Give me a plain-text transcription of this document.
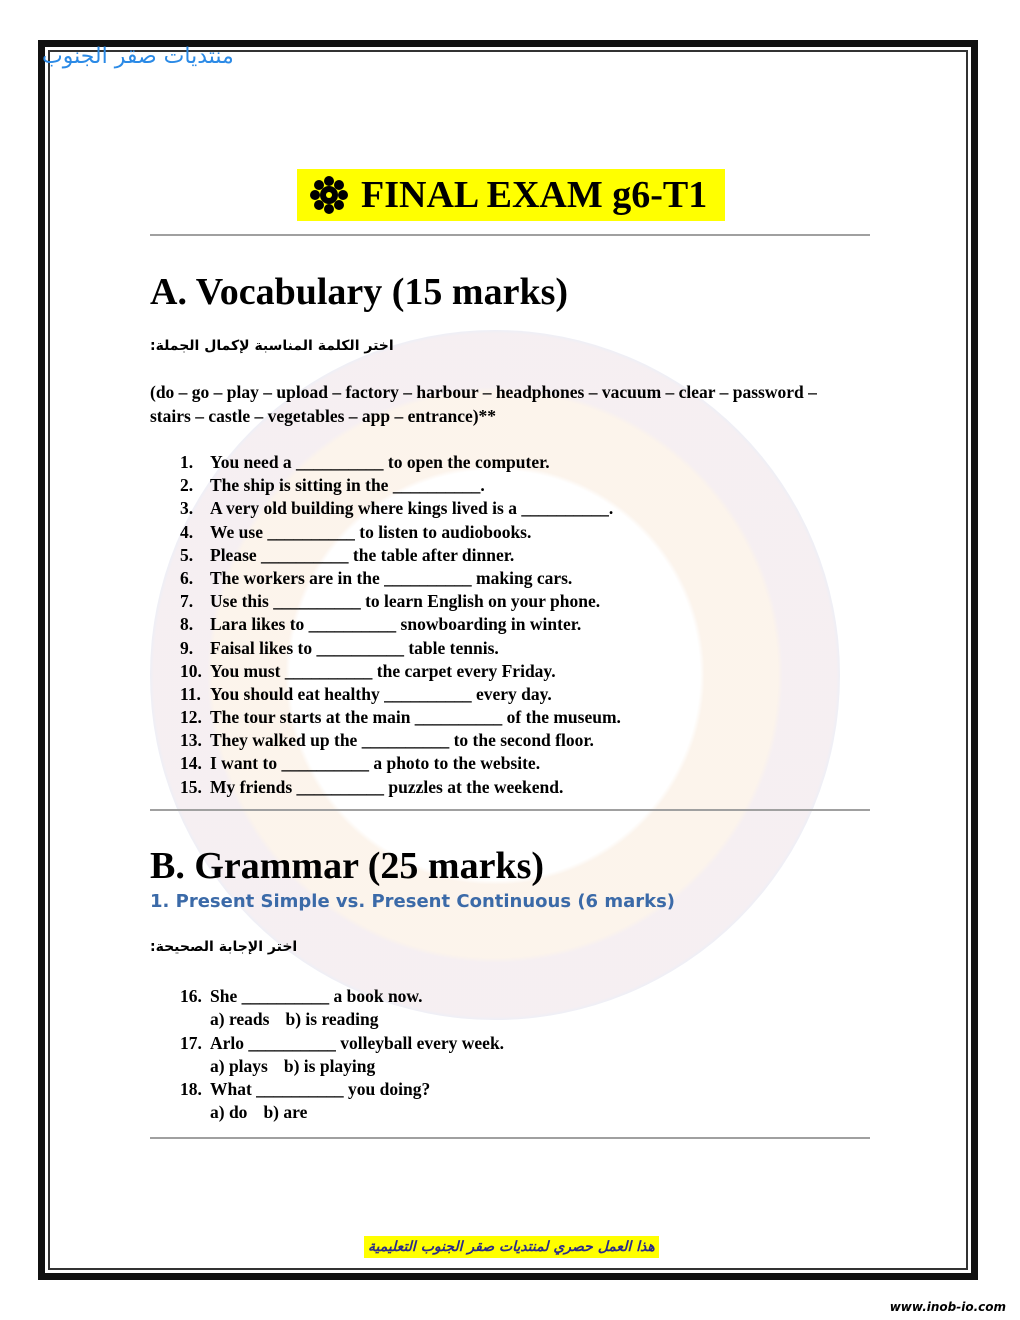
منتديات صقر الجنوب
FINAL EXAM g6-T1
A. Vocabulary (15 marks)
اختر الكلمة المناسبة لإكمال الجملة:
(do – go – play – upload – factory – harbour – headphones – vacuum – clear – password – stairs – castle – vegetables – app – entrance)**
1. You need a __________ to open the computer.
2. The ship is sitting in the __________.
3. A very old building where kings lived is a __________.
4. We use __________ to listen to audiobooks.
5. Please __________ the table after dinner.
6. The workers are in the __________ making cars.
7. Use this __________ to learn English on your phone.
8. Lara likes to __________ snowboarding in winter.
9. Faisal likes to __________ table tennis.
10. You must __________ the carpet every Friday.
11. You should eat healthy __________ every day.
12. The tour starts at the main __________ of the museum.
13. They walked up the __________ to the second floor.
14. I want to __________ a photo to the website.
15. My friends __________ puzzles at the weekend.
B. Grammar (25 marks)
1. Present Simple vs. Present Continuous (6 marks)
اختر الإجابة الصحيحة:
16. She __________ a book now.
a) reads b) is reading
17. Arlo __________ volleyball every week.
a) plays b) is playing
18. What __________ you doing?
a) do b) are
هذا العمل حصري لمنتديات صقر الجنوب التعليمية
www.inob-io.com
